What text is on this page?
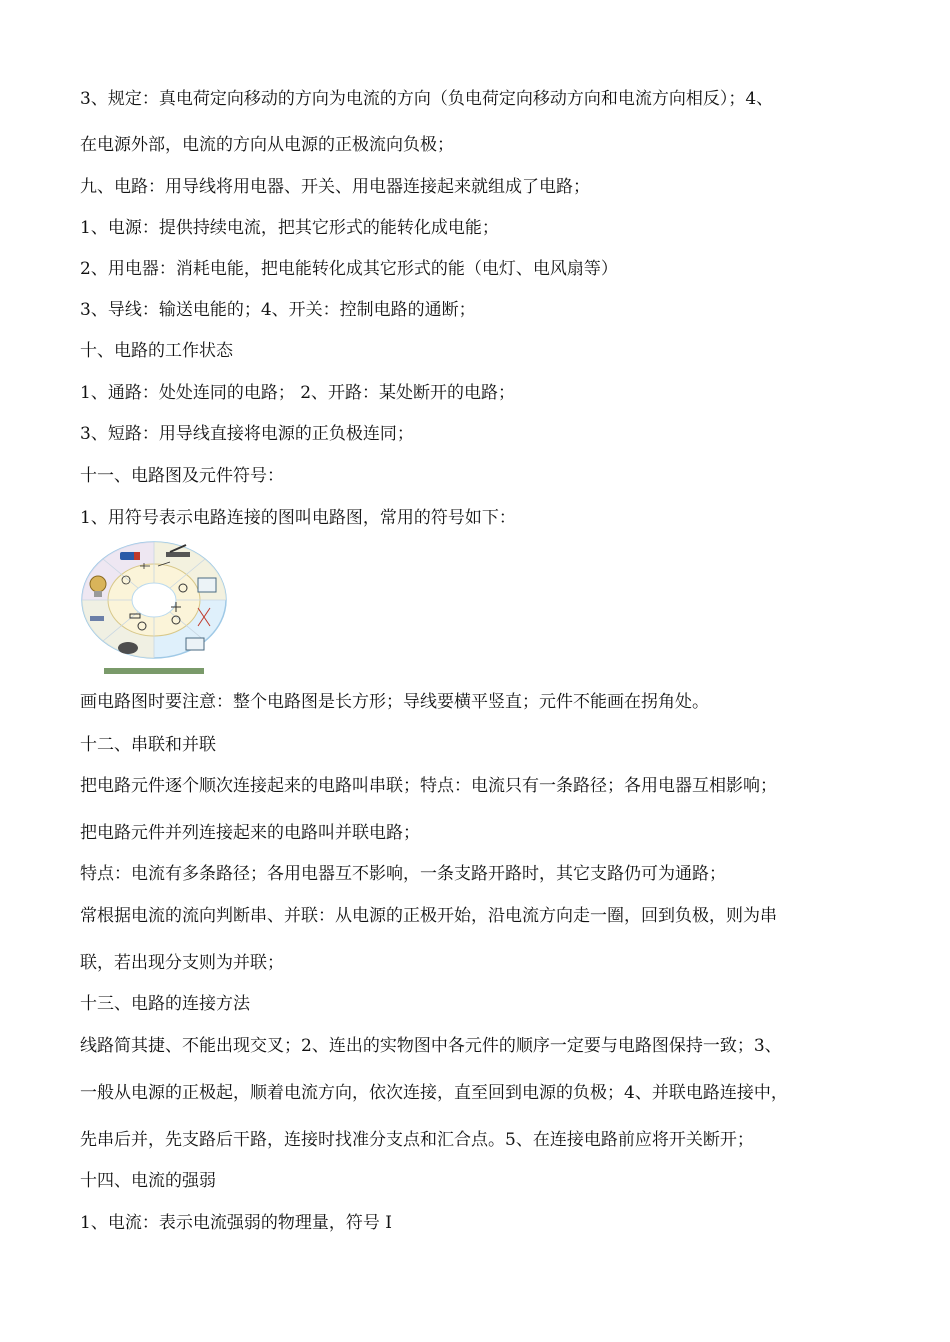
3、规定：真电荷定向移动的方向为电流的方向（负电荷定向移动方向和电流方向相反）；4、
在电源外部，电流的方向从电源的正极流向负极；
九、电路：用导线将用电器、开关、用电器连接起来就组成了电路；
1、电源：提供持续电流，把其它形式的能转化成电能；
2、用电器：消耗电能，把电能转化成其它形式的能（电灯、电风扇等）
3、导线：输送电能的；4、开关：控制电路的通断；
十、电路的工作状态
1、通路：处处连同的电路； 2、开路：某处断开的电路；
3、短路：用导线直接将电源的正负极连同；
十一、电路图及元件符号：
1、用符号表示电路连接的图叫电路图，常用的符号如下：
画电路图时要注意：整个电路图是长方形；导线要横平竖直；元件不能画在拐角处。
十二、串联和并联
把电路元件逐个顺次连接起来的电路叫串联；特点：电流只有一条路径；各用电器互相影响；
把电路元件并列连接起来的电路叫并联电路；
特点：电流有多条路径；各用电器互不影响，一条支路开路时，其它支路仍可为通路；
常根据电流的流向判断串、并联：从电源的正极开始，沿电流方向走一圈，回到负极，则为串
联，若出现分支则为并联；
十三、电路的连接方法
线路简其捷、不能出现交叉；2、连出的实物图中各元件的顺序一定要与电路图保持一致；3、
一般从电源的正极起，顺着电流方向，依次连接，直至回到电源的负极；4、并联电路连接中，
先串后并，先支路后干路，连接时找准分支点和汇合点。5、在连接电路前应将开关断开；
十四、电流的强弱
1、电流：表示电流强弱的物理量，符号 I
